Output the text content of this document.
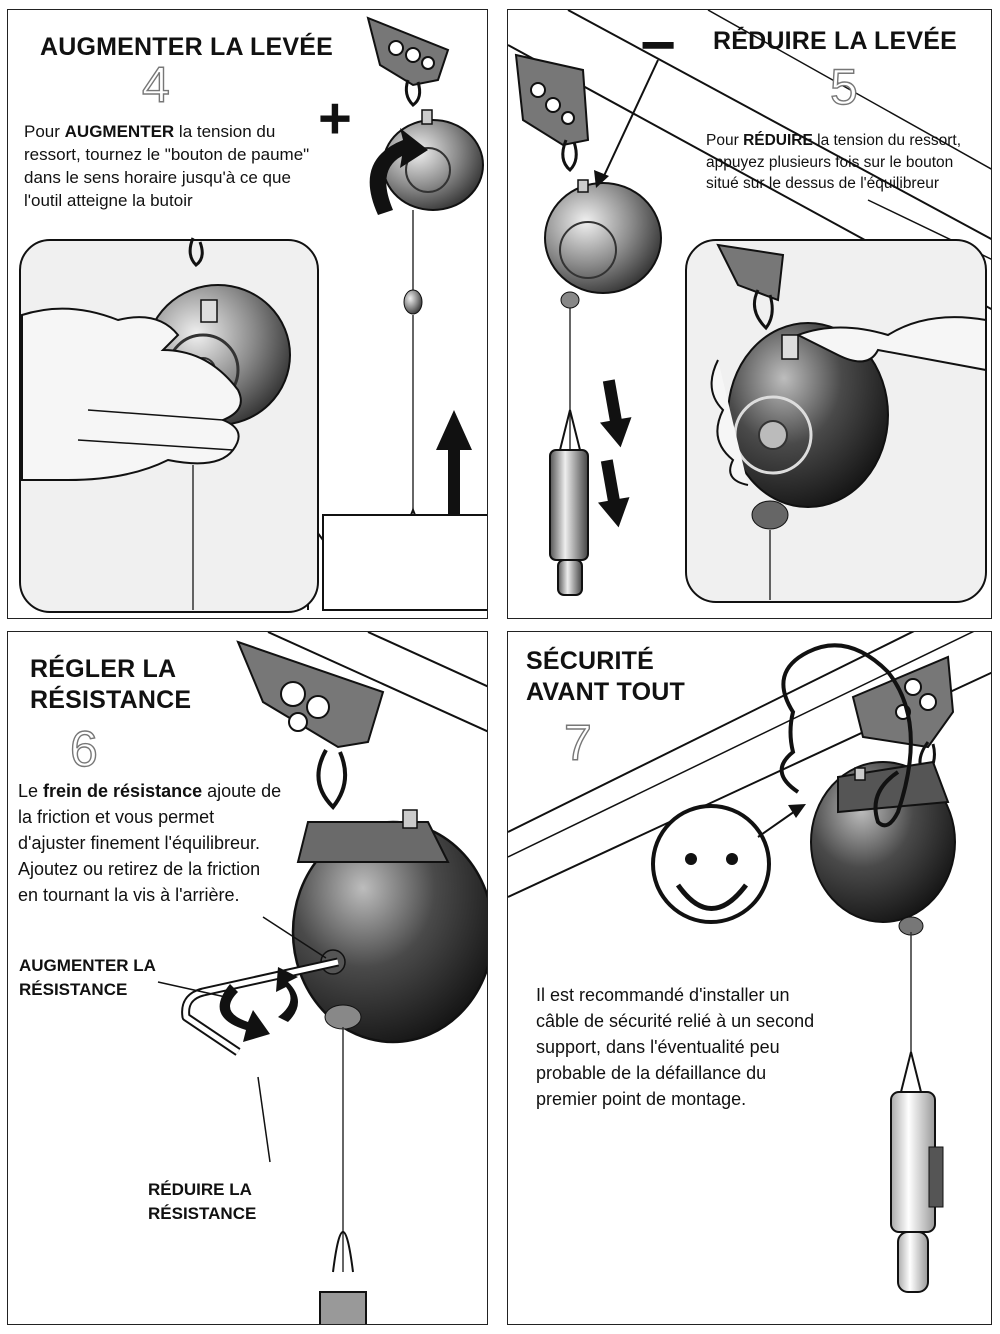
AUGMENTER LA LEVÉE
4
Pour AUGMENTER la tension du ressort, tournez le "bouton de paume" dans le sens horaire jusqu'à ce que l'outil atteigne la butoir
+
RÉDUIRE LA LEVÉE
5
Pour RÉDUIRE la tension du ressort, appuyez plusieurs fois sur le bouton situé sur le dessus de l'équilibreur
−
RÉGLER LA
RÉSISTANCE
6
Le frein de résistance ajoute de la friction et vous permet d'ajuster finement l'équilibreur. Ajoutez ou retirez de la friction en tournant la vis à l'arrière.
AUGMENTER LA
RÉSISTANCE
RÉDUIRE LA
RÉSISTANCE
SÉCURITÉ
AVANT TOUT
7
Il est recommandé d'installer un câble de sécurité relié à un second support, dans l'éventualité peu probable de la défaillance du premier point de montage.
